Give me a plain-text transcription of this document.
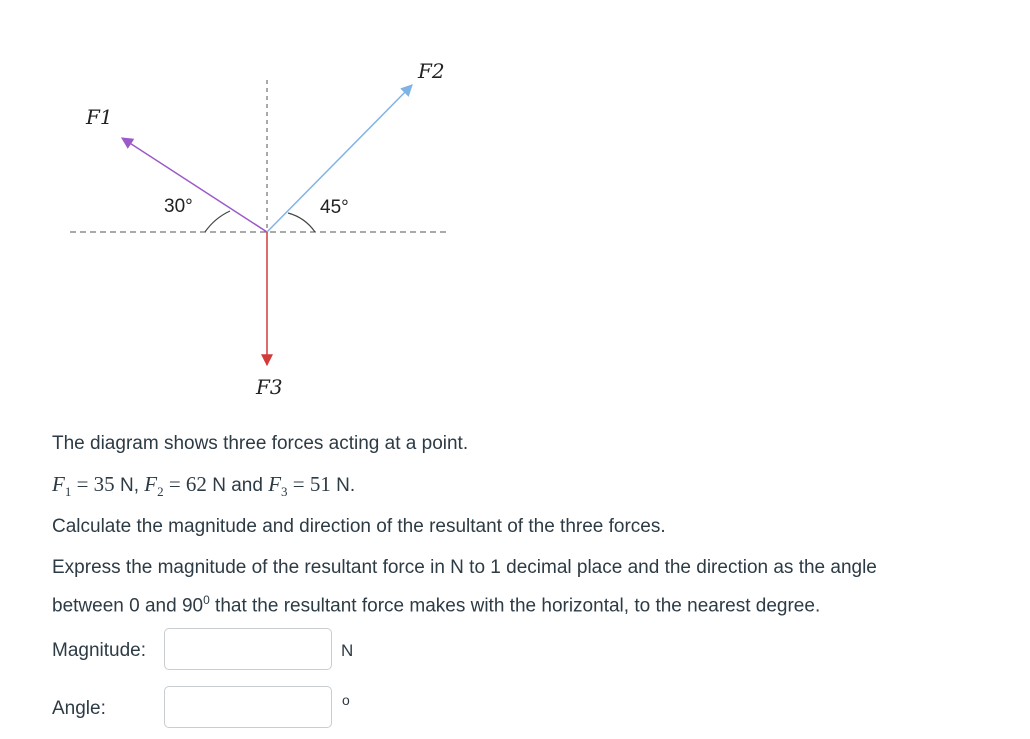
F1
F2
F3
30°	45°
The diagram shows three forces acting at a point.
$F_1 = 35$ N, $F_2 = 62$ N and $F_3 = 51$ N.
Calculate the magnitude and direction of the resultant of the three forces.
Express the magnitude of the resultant force in N to 1 decimal place and the direction as the angle
between 0 and $90^0$ that the resultant force makes with the horizontal, to the nearest degree.
Magnitude:	N
Angle:	o
